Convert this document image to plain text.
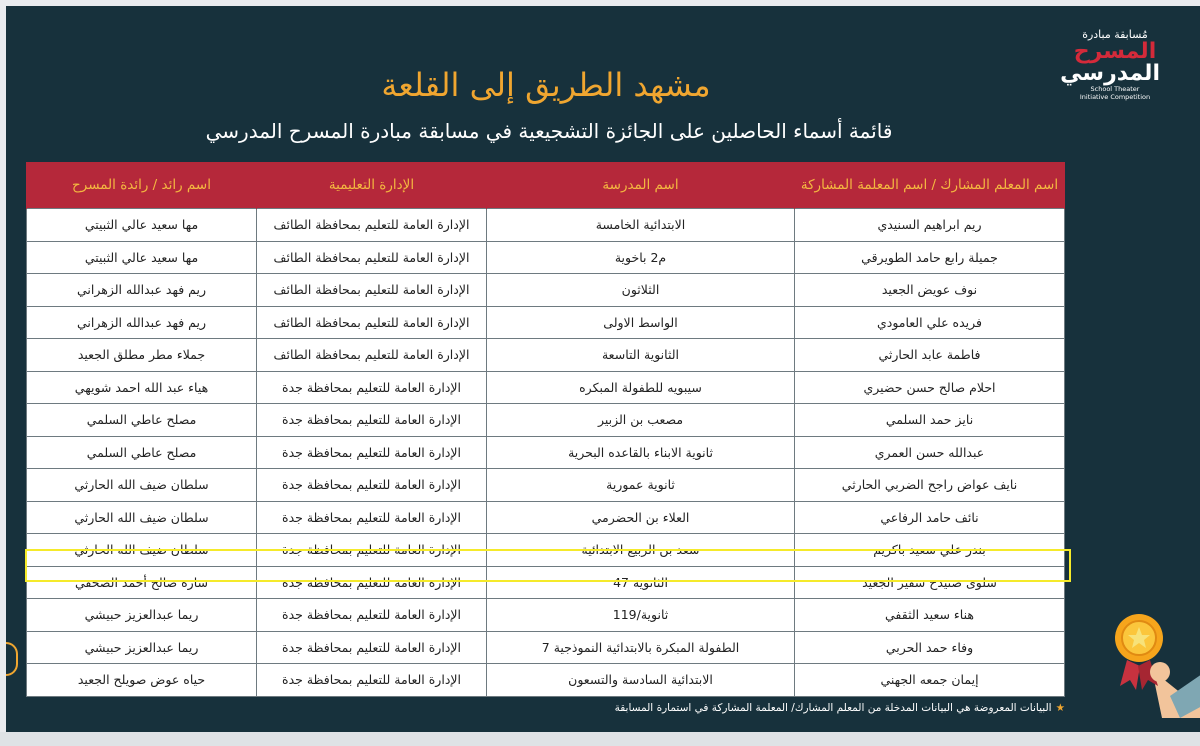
مُسابقة مبادرة
المسرح
المدرسي
School Theater
Initiative Competition
مشهد الطريق إلى القلعة
قائمة أسماء الحاصلين على الجائزة التشجيعية في مسابقة مبادرة المسرح المدرسي
اسم المعلم المشارك / اسم المعلمة المشاركة	اسم المدرسة	الإدارة التعليمية	اسم رائد / رائدة المسرح
ريم ابراهيم السنيدي	الابتدائية الخامسة	الإدارة العامة للتعليم بمحافظة الطائف	مها سعيد عالي الثبيتي
جميلة رابع حامد الطويرقي	م2 باخوية	الإدارة العامة للتعليم بمحافظة الطائف	مها سعيد عالي الثبيتي
نوف عويض الجعيد	الثلاثون	الإدارة العامة للتعليم بمحافظة الطائف	ريم فهد عبدالله الزهراني
فريده علي العامودي	الواسط الاولى	الإدارة العامة للتعليم بمحافظة الطائف	ريم فهد عبدالله الزهراني
فاطمة عابد الحارثي	الثانوية التاسعة	الإدارة العامة للتعليم بمحافظة الطائف	جملاء مطر مطلق الجعيد
احلام صالح حسن حضيري	سيبويه للطفولة المبكره	الإدارة العامة للتعليم بمحافظة جدة	هياء عبد الله احمد شويهي
نايز حمد السلمي	مصعب بن الزبير	الإدارة العامة للتعليم بمحافظة جدة	مصلح عاطي السلمي
عبدالله حسن العمري	ثانوية الابناء بالقاعده البحرية	الإدارة العامة للتعليم بمحافظة جدة	مصلح عاطي السلمي
نايف عواض راجح الضربي الحارثي	ثانوية عمورية	الإدارة العامة للتعليم بمحافظة جدة	سلطان ضيف الله الحارثي
نائف حامد الرفاعي	العلاء بن الحضرمي	الإدارة العامة للتعليم بمحافظة جدة	سلطان ضيف الله الحارثي
بندر علي سعيد باكريم	سعد بن الربيع الابتدائية	الإدارة العامة للتعليم بمحافظة جدة	سلطان ضيف الله الحارثي
سلوى صنيدح سفير الجعيد	الثانوية 47	الإدارة العامة للتعليم بمحافظة جدة	ساره صالح أحمد الصحفي
هناء سعيد الثقفي	ثانوية/119	الإدارة العامة للتعليم بمحافظة جدة	ريما عبدالعزيز حبيشي
وفاء حمد الحربي	الطفولة المبكرة بالابتدائية النموذجية 7	الإدارة العامة للتعليم بمحافظة جدة	ريما عبدالعزيز حبيشي
إيمان جمعه الجهني	الابتدائية السادسة والتسعون	الإدارة العامة للتعليم بمحافظة جدة	حياه عوض صويلح الجعيد
★البيانات المعروضة هي البيانات المدخلة من المعلم المشارك/ المعلمة المشاركة في استمارة المسابقة
